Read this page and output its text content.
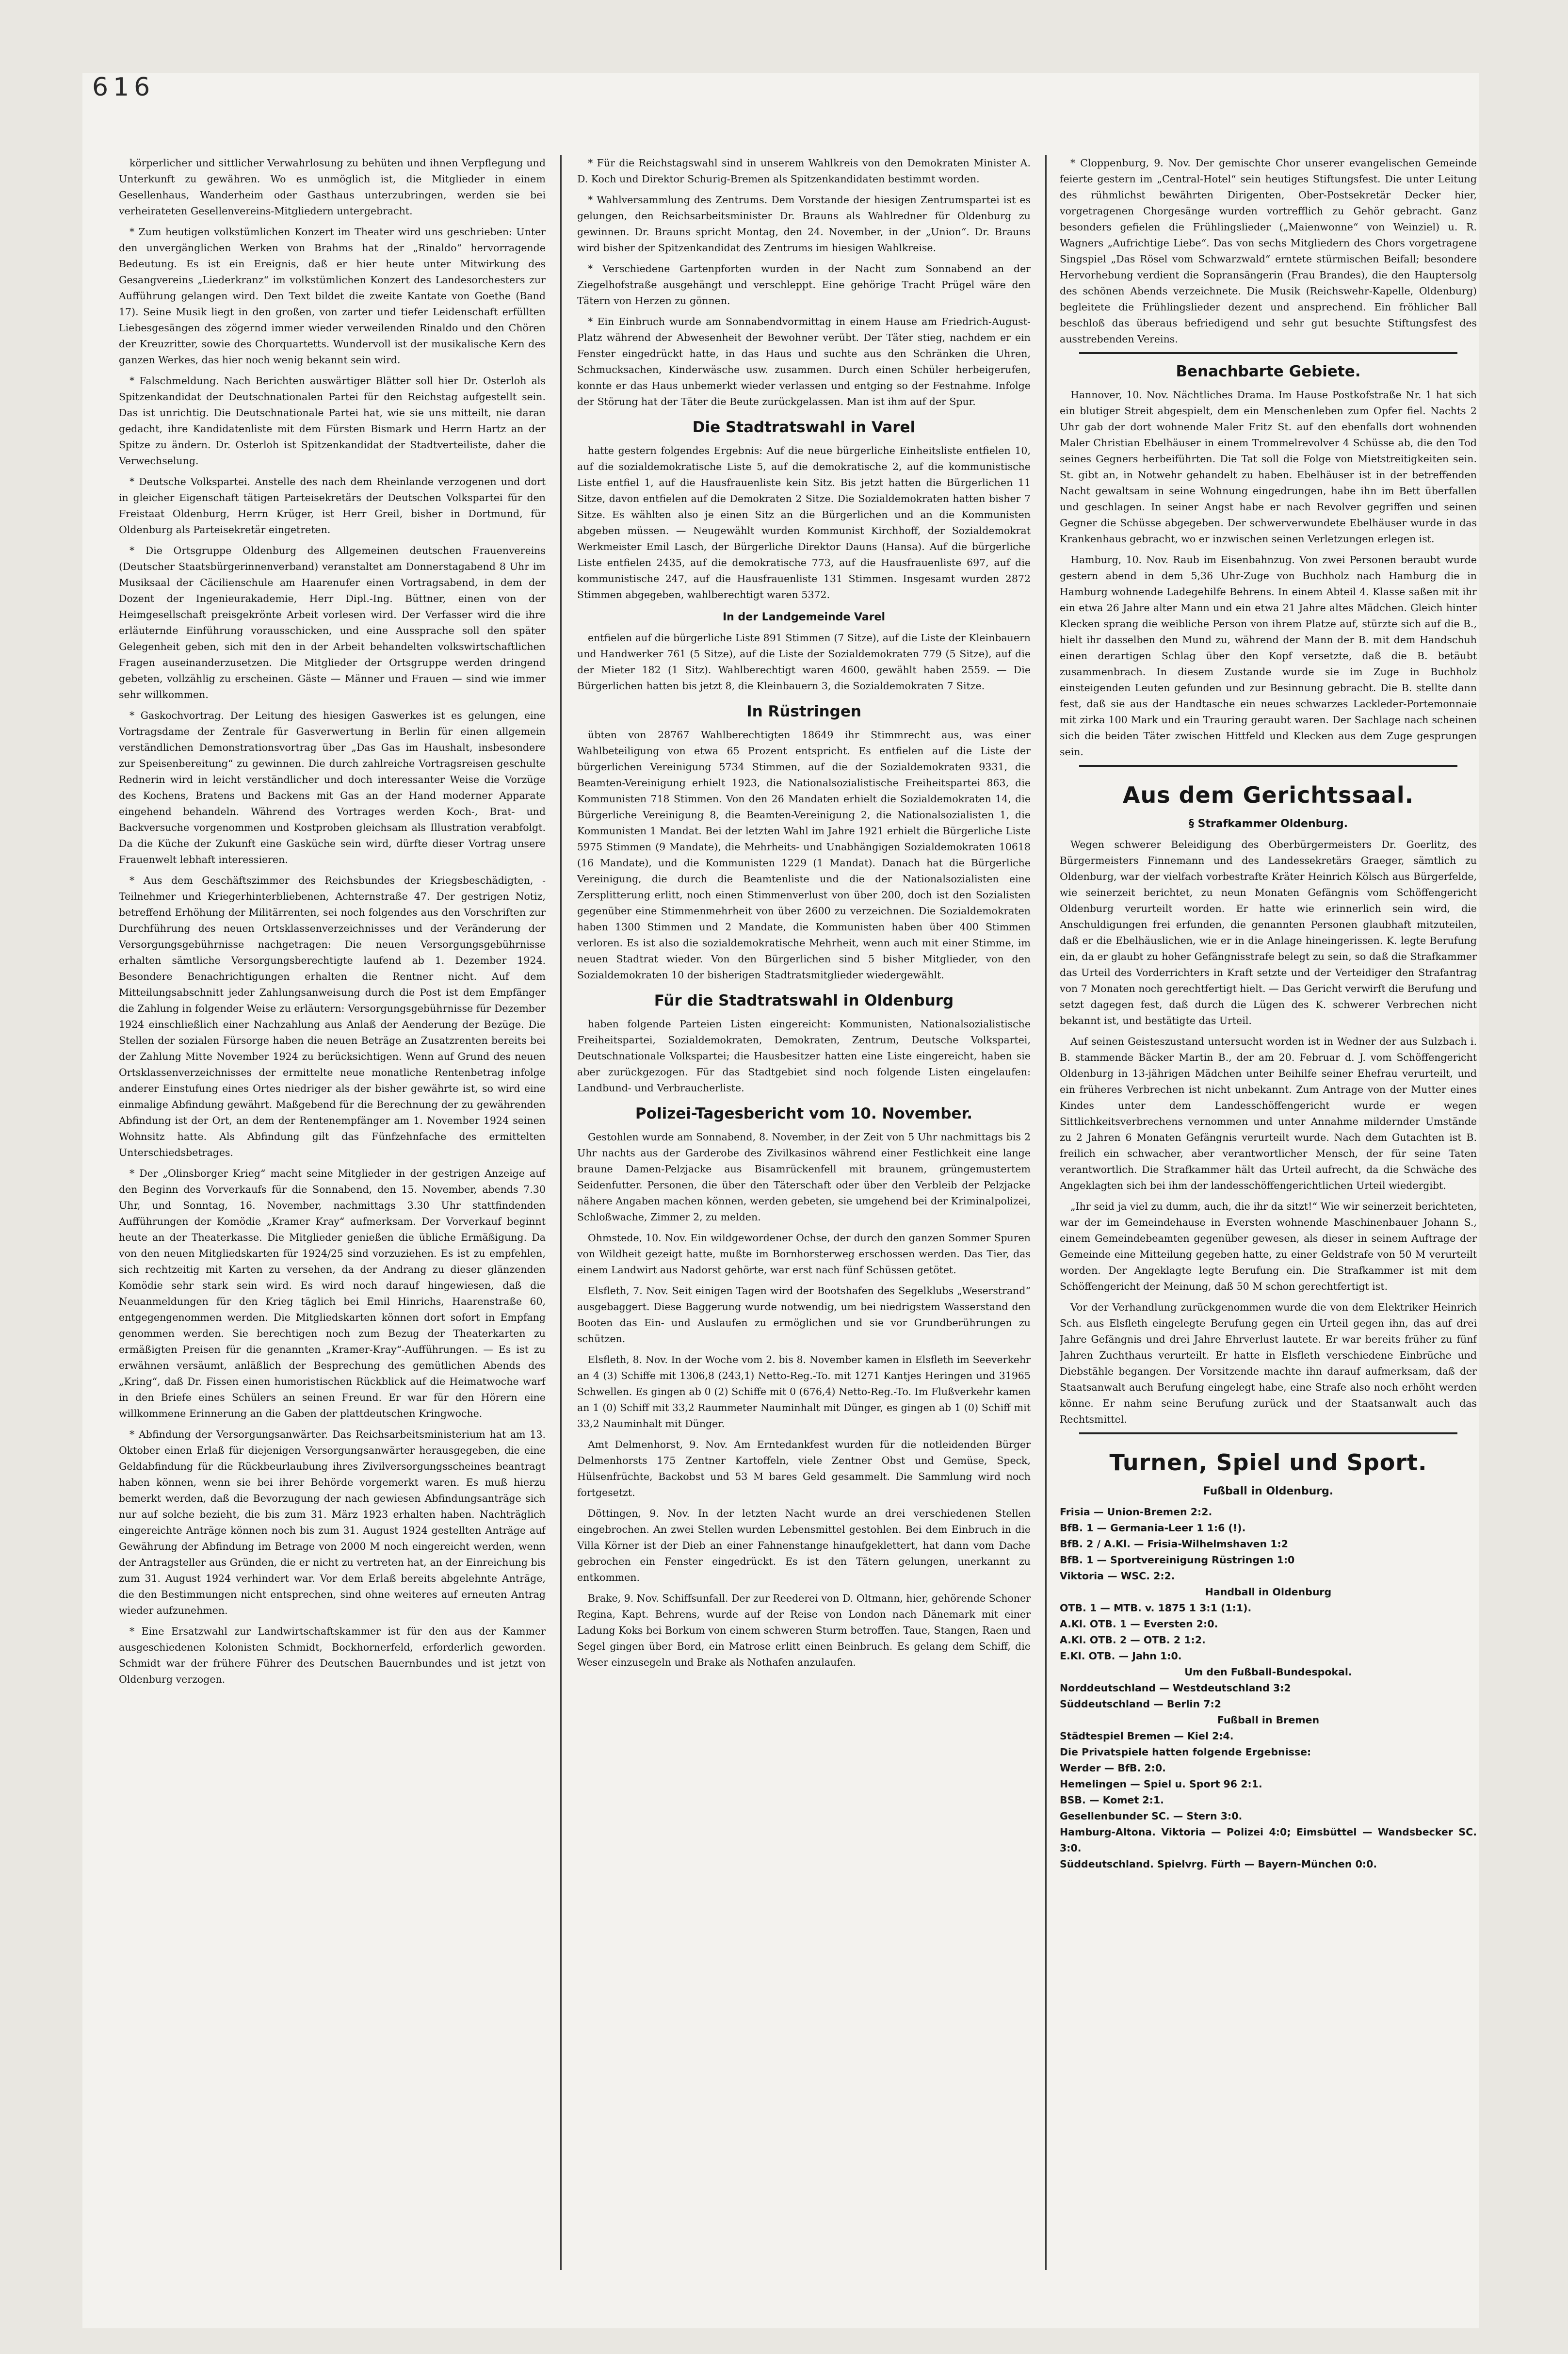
616

körperlicher und sittlicher Verwahrlosung zu behüten und ihnen Verpflegung und Unterkunft zu gewähren. Wo es unmöglich ist, die Mitglieder in einem Gesellenhaus, Wanderheim oder Gasthaus unterzubringen, werden sie bei verheirateten Gesellenvereins-Mitgliedern untergebracht.

* Zum heutigen volkstümlichen Konzert im Theater wird uns geschrieben: Unter den unvergänglichen Werken von Brahms hat der „Rinaldo“ hervorragende Bedeutung. Es ist ein Ereignis, daß er hier heute unter Mitwirkung des Gesangvereins „Liederkranz“ im volkstümlichen Konzert des Landesorchesters zur Aufführung gelangen wird. Den Text bildet die zweite Kantate von Goethe (Band 17). Seine Musik liegt in den großen, von zarter und tiefer Leidenschaft erfüllten Liebesgesängen des zögernd immer wieder verweilenden Rinaldo und den Chören der Kreuzritter, sowie des Chorquartetts. Wundervoll ist der musikalische Kern des ganzen Werkes, das hier noch wenig bekannt sein wird.

* Falschmeldung. Nach Berichten auswärtiger Blätter soll hier Dr. Osterloh als Spitzenkandidat der Deutschnationalen Partei für den Reichstag aufgestellt sein. Das ist unrichtig. Die Deutschnationale Partei hat, wie sie uns mitteilt, nie daran gedacht, ihre Kandidatenliste mit dem Fürsten Bismark und Herrn Hartz an der Spitze zu ändern. Dr. Osterloh ist Spitzenkandidat der Stadtverteiliste, daher die Verwechselung.

* Deutsche Volkspartei. Anstelle des nach dem Rheinlande verzogenen und dort in gleicher Eigenschaft tätigen Parteisekretärs der Deutschen Volkspartei für den Freistaat Oldenburg, Herrn Krüger, ist Herr Greil, bisher in Dortmund, für Oldenburg als Parteisekretär eingetreten.

* Die Ortsgruppe Oldenburg des Allgemeinen deutschen Frauenvereins (Deutscher Staatsbürgerinnenverband) veranstaltet am Donnerstagabend 8 Uhr im Musiksaal der Cäcilienschule am Haarenufer einen Vortragsabend, in dem der Dozent der Ingenieurakademie, Herr Dipl.-Ing. Büttner, einen von der Heimgesellschaft preisgekrönte Arbeit vorlesen wird. Der Verfasser wird die ihre erläuternde Einführung vorausschicken, und eine Aussprache soll den später Gelegenheit geben, sich mit den in der Arbeit behandelten volkswirtschaftlichen Fragen auseinanderzusetzen. Die Mitglieder der Ortsgruppe werden dringend gebeten, vollzählig zu erscheinen. Gäste — Männer und Frauen — sind wie immer sehr willkommen.

* Gaskochvortrag. Der Leitung des hiesigen Gaswerkes ist es gelungen, eine Vortragsdame der Zentrale für Gasverwertung in Berlin für einen allgemein verständlichen Demonstrationsvortrag über „Das Gas im Haushalt, insbesondere zur Speisenbereitung“ zu gewinnen. Die durch zahlreiche Vortragsreisen geschulte Rednerin wird in leicht verständlicher und doch interessanter Weise die Vorzüge des Kochens, Bratens und Backens mit Gas an der Hand moderner Apparate eingehend behandeln. Während des Vortrages werden Koch-, Brat- und Backversuche vorgenommen und Kostproben gleichsam als Illustration verabfolgt. Da die Küche der Zukunft eine Gasküche sein wird, dürfte dieser Vortrag unsere Frauenwelt lebhaft interessieren.

* Aus dem Geschäftszimmer des Reichsbundes der Kriegsbeschädigten, -Teilnehmer und Kriegerhinterbliebenen, Achternstraße 47. Der gestrigen Notiz, betreffend Erhöhung der Militärrenten, sei noch folgendes aus den Vorschriften zur Durchführung des neuen Ortsklassenverzeichnisses und der Veränderung der Versorgungsgebührnisse nachgetragen: Die neuen Versorgungsgebührnisse erhalten sämtliche Versorgungsberechtigte laufend ab 1. Dezember 1924. Besondere Benachrichtigungen erhalten die Rentner nicht. Auf dem Mitteilungsabschnitt jeder Zahlungsanweisung durch die Post ist dem Empfänger die Zahlung in folgender Weise zu erläutern: Versorgungsgebührnisse für Dezember 1924 einschließlich einer Nachzahlung aus Anlaß der Aenderung der Bezüge. Die Stellen der sozialen Fürsorge haben die neuen Beträge an Zusatzrenten bereits bei der Zahlung Mitte November 1924 zu berücksichtigen. Wenn auf Grund des neuen Ortsklassenverzeichnisses der ermittelte neue monatliche Rentenbetrag infolge anderer Einstufung eines Ortes niedriger als der bisher gewährte ist, so wird eine einmalige Abfindung gewährt. Maßgebend für die Berechnung der zu gewährenden Abfindung ist der Ort, an dem der Rentenempfänger am 1. November 1924 seinen Wohnsitz hatte. Als Abfindung gilt das Fünfzehnfache des ermittelten Unterschiedsbetrages.

* Der „Olinsborger Krieg“ macht seine Mitglieder in der gestrigen Anzeige auf den Beginn des Vorverkaufs für die Sonnabend, den 15. November, abends 7.30 Uhr, und Sonntag, 16. November, nachmittags 3.30 Uhr stattfindenden Aufführungen der Komödie „Kramer Kray“ aufmerksam. Der Vorverkauf beginnt heute an der Theaterkasse. Die Mitglieder genießen die übliche Ermäßigung. Da von den neuen Mitgliedskarten für 1924/25 sind vorzuziehen. Es ist zu empfehlen, sich rechtzeitig mit Karten zu versehen, da der Andrang zu dieser glänzenden Komödie sehr stark sein wird. Es wird noch darauf hingewiesen, daß die Neuanmeldungen für den Krieg täglich bei Emil Hinrichs, Haarenstraße 60, entgegengenommen werden. Die Mitgliedskarten können dort sofort in Empfang genommen werden. Sie berechtigen noch zum Bezug der Theaterkarten zu ermäßigten Preisen für die genannten „Kramer-Kray“-Aufführungen. — Es ist zu erwähnen versäumt, anläßlich der Besprechung des gemütlichen Abends des „Kring“, daß Dr. Fissen einen humoristischen Rückblick auf die Heimatwoche warf in den Briefe eines Schülers an seinen Freund. Er war für den Hörern eine willkommene Erinnerung an die Gaben der plattdeutschen Kringwoche.

* Abfindung der Versorgungsanwärter. Das Reichsarbeitsministerium hat am 13. Oktober einen Erlaß für diejenigen Versorgungsanwärter herausgegeben, die eine Geldabfindung für die Rückbeurlaubung ihres Zivilversorgungsscheines beantragt haben können, wenn sie bei ihrer Behörde vorgemerkt waren. Es muß hierzu bemerkt werden, daß die Bevorzugung der nach gewiesen Abfindungsanträge sich nur auf solche bezieht, die bis zum 31. März 1923 erhalten haben. Nachträglich eingereichte Anträge können noch bis zum 31. August 1924 gestellten Anträge auf Gewährung der Abfindung im Betrage von 2000 M noch eingereicht werden, wenn der Antragsteller aus Gründen, die er nicht zu vertreten hat, an der Einreichung bis zum 31. August 1924 verhindert war. Vor dem Erlaß bereits abgelehnte Anträge, die den Bestimmungen nicht entsprechen, sind ohne weiteres auf erneuten Antrag wieder aufzunehmen.

* Eine Ersatzwahl zur Landwirtschaftskammer ist für den aus der Kammer ausgeschiedenen Kolonisten Schmidt, Bockhornerfeld, erforderlich geworden. Schmidt war der frühere Führer des Deutschen Bauernbundes und ist jetzt von Oldenburg verzogen.

* Für die Reichstagswahl sind in unserem Wahlkreis von den Demokraten Minister A. D. Koch und Direktor Schurig-Bremen als Spitzenkandidaten bestimmt worden.

* Wahlversammlung des Zentrums. Dem Vorstande der hiesigen Zentrumspartei ist es gelungen, den Reichsarbeitsminister Dr. Brauns als Wahlredner für Oldenburg zu gewinnen. Dr. Brauns spricht Montag, den 24. November, in der „Union“. Dr. Brauns wird bisher der Spitzenkandidat des Zentrums im hiesigen Wahlkreise.

* Verschiedene Gartenpforten wurden in der Nacht zum Sonnabend an der Ziegelhofstraße ausgehängt und verschleppt. Eine gehörige Tracht Prügel wäre den Tätern von Herzen zu gönnen.

* Ein Einbruch wurde am Sonnabendvormittag in einem Hause am Friedrich-August-Platz während der Abwesenheit der Bewohner verübt. Der Täter stieg, nachdem er ein Fenster eingedrückt hatte, in das Haus und suchte aus den Schränken die Uhren, Schmucksachen, Kinderwäsche usw. zusammen. Durch einen Schüler herbeigerufen, konnte er das Haus unbemerkt wieder verlassen und entging so der Festnahme. Infolge der Störung hat der Täter die Beute zurückgelassen. Man ist ihm auf der Spur.

Die Stadtratswahl in Varel

hatte gestern folgendes Ergebnis: Auf die neue bürgerliche Einheitsliste entfielen 10, auf die sozialdemokratische Liste 5, auf die demokratische 2, auf die kommunistische Liste entfiel 1, auf die Hausfrauenliste kein Sitz. Bis jetzt hatten die Bürgerlichen 11 Sitze, davon entfielen auf die Demokraten 2 Sitze. Die Sozialdemokraten hatten bisher 7 Sitze. Es wählten also je einen Sitz an die Bürgerlichen und an die Kommunisten abgeben müssen. — Neugewählt wurden Kommunist Kirchhoff, der Sozialdemokrat Werkmeister Emil Lasch, der Bürgerliche Direktor Dauns (Hansa). Auf die bürgerliche Liste entfielen 2435, auf die demokratische 773, auf die Hausfrauenliste 697, auf die kommunistische 247, auf die Hausfrauenliste 131 Stimmen. Insgesamt wurden 2872 Stimmen abgegeben, wahlberechtigt waren 5372.

In der Landgemeinde Varel

entfielen auf die bürgerliche Liste 891 Stimmen (7 Sitze), auf die Liste der Kleinbauern und Handwerker 761 (5 Sitze), auf die Liste der Sozialdemokraten 779 (5 Sitze), auf die der Mieter 182 (1 Sitz). Wahlberechtigt waren 4600, gewählt haben 2559. — Die Bürgerlichen hatten bis jetzt 8, die Kleinbauern 3, die Sozialdemokraten 7 Sitze.

In Rüstringen

übten von 28767 Wahlberechtigten 18649 ihr Stimmrecht aus, was einer Wahlbeteiligung von etwa 65 Prozent entspricht. Es entfielen auf die Liste der bürgerlichen Vereinigung 5734 Stimmen, auf die der Sozialdemokraten 9331, die Beamten-Vereinigung erhielt 1923, die Nationalsozialistische Freiheitspartei 863, die Kommunisten 718 Stimmen. Von den 26 Mandaten erhielt die Sozialdemokraten 14, die Bürgerliche Vereinigung 8, die Beamten-Vereinigung 2, die Nationalsozialisten 1, die Kommunisten 1 Mandat. Bei der letzten Wahl im Jahre 1921 erhielt die Bürgerliche Liste 5975 Stimmen (9 Mandate), die Mehrheits- und Unabhängigen Sozialdemokraten 10618 (16 Mandate), und die Kommunisten 1229 (1 Mandat). Danach hat die Bürgerliche Vereinigung, die durch die Beamtenliste und die der Nationalsozialisten eine Zersplitterung erlitt, noch einen Stimmenverlust von über 200, doch ist den Sozialisten gegenüber eine Stimmenmehrheit von über 2600 zu verzeichnen. Die Sozialdemokraten haben 1300 Stimmen und 2 Mandate, die Kommunisten haben über 400 Stimmen verloren. Es ist also die sozialdemokratische Mehrheit, wenn auch mit einer Stimme, im neuen Stadtrat wieder. Von den Bürgerlichen sind 5 bisher Mitglieder, von den Sozialdemokraten 10 der bisherigen Stadtratsmitglieder wiedergewählt.

Für die Stadtratswahl in Oldenburg

haben folgende Parteien Listen eingereicht: Kommunisten, Nationalsozialistische Freiheitspartei, Sozialdemokraten, Demokraten, Zentrum, Deutsche Volkspartei, Deutschnationale Volkspartei; die Hausbesitzer hatten eine Liste eingereicht, haben sie aber zurückgezogen. Für das Stadtgebiet sind noch folgende Listen eingelaufen: Landbund- und Verbraucherliste.

Polizei-Tagesbericht vom 10. November.

Gestohlen wurde am Sonnabend, 8. November, in der Zeit von 5 Uhr nachmittags bis 2 Uhr nachts aus der Garderobe des Zivilkasinos während einer Festlichkeit eine lange braune Damen-Pelzjacke aus Bisamrückenfell mit braunem, grüngemustertem Seidenfutter. Personen, die über den Täterschaft oder über den Verbleib der Pelzjacke nähere Angaben machen können, werden gebeten, sie umgehend bei der Kriminalpolizei, Schloßwache, Zimmer 2, zu melden.

Ohmstede, 10. Nov. Ein wildgewordener Ochse, der durch den ganzen Sommer Spuren von Wildheit gezeigt hatte, mußte im Bornhorsterweg erschossen werden. Das Tier, das einem Landwirt aus Nadorst gehörte, war erst nach fünf Schüssen getötet.

Elsfleth, 7. Nov. Seit einigen Tagen wird der Bootshafen des Segelklubs „Weserstrand“ ausgebaggert. Diese Baggerung wurde notwendig, um bei niedrigstem Wasserstand den Booten das Ein- und Auslaufen zu ermöglichen und sie vor Grundberührungen zu schützen.

Elsfleth, 8. Nov. In der Woche vom 2. bis 8. November kamen in Elsfleth im Seeverkehr an 4 (3) Schiffe mit 1306,8 (243,1) Netto-Reg.-To. mit 1271 Kantjes Heringen und 31965 Schwellen. Es gingen ab 0 (2) Schiffe mit 0 (676,4) Netto-Reg.-To. Im Flußverkehr kamen an 1 (0) Schiff mit 33,2 Raummeter Nauminhalt mit Dünger, es gingen ab 1 (0) Schiff mit 33,2 Nauminhalt mit Dünger.

Amt Delmenhorst, 9. Nov. Am Erntedankfest wurden für die notleidenden Bürger Delmenhorsts 175 Zentner Kartoffeln, viele Zentner Obst und Gemüse, Speck, Hülsenfrüchte, Backobst und 53 M bares Geld gesammelt. Die Sammlung wird noch fortgesetzt.

Döttingen, 9. Nov. In der letzten Nacht wurde an drei verschiedenen Stellen eingebrochen. An zwei Stellen wurden Lebensmittel gestohlen. Bei dem Einbruch in die Villa Körner ist der Dieb an einer Fahnenstange hinaufgeklettert, hat dann vom Dache gebrochen ein Fenster eingedrückt. Es ist den Tätern gelungen, unerkannt zu entkommen.

Brake, 9. Nov. Schiffsunfall. Der zur Reederei von D. Oltmann, hier, gehörende Schoner Regina, Kapt. Behrens, wurde auf der Reise von London nach Dänemark mit einer Ladung Koks bei Borkum von einem schweren Sturm betroffen. Taue, Stangen, Raen und Segel gingen über Bord, ein Matrose erlitt einen Beinbruch. Es gelang dem Schiff, die Weser einzusegeln und Brake als Nothafen anzulaufen.

* Cloppenburg, 9. Nov. Der gemischte Chor unserer evangelischen Gemeinde feierte gestern im „Central-Hotel“ sein heutiges Stiftungsfest. Die unter Leitung des rühmlichst bewährten Dirigenten, Ober-Postsekretär Decker hier, vorgetragenen Chorgesänge wurden vortrefflich zu Gehör gebracht. Ganz besonders gefielen die Frühlingslieder („Maienwonne“ von Weinziel) u. R. Wagners „Aufrichtige Liebe“. Das von sechs Mitgliedern des Chors vorgetragene Singspiel „Das Rösel vom Schwarzwald“ erntete stürmischen Beifall; besondere Hervorhebung verdient die Sopransängerin (Frau Brandes), die den Hauptersolg des schönen Abends verzeichnete. Die Musik (Reichswehr-Kapelle, Oldenburg) begleitete die Frühlingslieder dezent und ansprechend. Ein fröhlicher Ball beschloß das überaus befriedigend und sehr gut besuchte Stiftungsfest des ausstrebenden Vereins.

Benachbarte Gebiete.

Hannover, 10. Nov. Nächtliches Drama. Im Hause Postkofstraße Nr. 1 hat sich ein blutiger Streit abgespielt, dem ein Menschenleben zum Opfer fiel. Nachts 2 Uhr gab der dort wohnende Maler Fritz St. auf den ebenfalls dort wohnenden Maler Christian Ebelhäuser in einem Trommelrevolver 4 Schüsse ab, die den Tod seines Gegners herbeiführten. Die Tat soll die Folge von Mietstreitigkeiten sein. St. gibt an, in Notwehr gehandelt zu haben. Ebelhäuser ist in der betreffenden Nacht gewaltsam in seine Wohnung eingedrungen, habe ihn im Bett überfallen und geschlagen. In seiner Angst habe er nach Revolver gegriffen und seinen Gegner die Schüsse abgegeben. Der schwerverwundete Ebelhäuser wurde in das Krankenhaus gebracht, wo er inzwischen seinen Verletzungen erlegen ist.

Hamburg, 10. Nov. Raub im Eisenbahnzug. Von zwei Personen beraubt wurde gestern abend in dem 5,36 Uhr-Zuge von Buchholz nach Hamburg die in Hamburg wohnende Ladegehilfe Behrens. In einem Abteil 4. Klasse saßen mit ihr ein etwa 26 Jahre alter Mann und ein etwa 21 Jahre altes Mädchen. Gleich hinter Klecken sprang die weibliche Person von ihrem Platze auf, stürzte sich auf die B., hielt ihr dasselben den Mund zu, während der Mann der B. mit dem Handschuh einen derartigen Schlag über den Kopf versetzte, daß die B. betäubt zusammenbrach. In diesem Zustande wurde sie im Zuge in Buchholz einsteigenden Leuten gefunden und zur Besinnung gebracht. Die B. stellte dann fest, daß sie aus der Handtasche ein neues schwarzes Lackleder-Portemonnaie mit zirka 100 Mark und ein Trauring geraubt waren. Der Sachlage nach scheinen sich die beiden Täter zwischen Hittfeld und Klecken aus dem Zuge gesprungen sein.

Aus dem Gerichtssaal.
§ Strafkammer Oldenburg.

Wegen schwerer Beleidigung des Oberbürgermeisters Dr. Goerlitz, des Bürgermeisters Finnemann und des Landessekretärs Graeger, sämtlich zu Oldenburg, war der vielfach vorbestrafte Kräter Heinrich Kölsch aus Bürgerfelde, wie seinerzeit berichtet, zu neun Monaten Gefängnis vom Schöffengericht Oldenburg verurteilt worden. Er hatte wie erinnerlich sein wird, die Anschuldigungen frei erfunden, die genannten Personen glaubhaft mitzuteilen, daß er die Ebelhäuslichen, wie er in die Anlage hineingerissen. K. legte Berufung ein, da er glaubt zu hoher Gefängnisstrafe belegt zu sein, so daß die Strafkammer das Urteil des Vorderrichters in Kraft setzte und der Verteidiger den Strafantrag von 7 Monaten noch gerechtfertigt hielt. — Das Gericht verwirft die Berufung und setzt dagegen fest, daß durch die Lügen des K. schwerer Verbrechen nicht bekannt ist, und bestätigte das Urteil.

Auf seinen Geisteszustand untersucht worden ist in Wedner der aus Sulzbach i. B. stammende Bäcker Martin B., der am 20. Februar d. J. vom Schöffengericht Oldenburg in 13-jährigen Mädchen unter Beihilfe seiner Ehefrau verurteilt, und ein früheres Verbrechen ist nicht unbekannt. Zum Antrage von der Mutter eines Kindes unter dem Landesschöffengericht wurde er wegen Sittlichkeitsverbrechens vernommen und unter Annahme mildernder Umstände zu 2 Jahren 6 Monaten Gefängnis verurteilt wurde. Nach dem Gutachten ist B. freilich ein schwacher, aber verantwortlicher Mensch, der für seine Taten verantwortlich. Die Strafkammer hält das Urteil aufrecht, da die Schwäche des Angeklagten sich bei ihm der landesschöffengerichtlichen Urteil wiedergibt.

„Ihr seid ja viel zu dumm, auch, die ihr da sitzt!“ Wie wir seinerzeit berichteten, war der im Gemeindehause in Eversten wohnende Maschinenbauer Johann S., einem Gemeindebeamten gegenüber gewesen, als dieser in seinem Auftrage der Gemeinde eine Mitteilung gegeben hatte, zu einer Geldstrafe von 50 M verurteilt worden. Der Angeklagte legte Berufung ein. Die Strafkammer ist mit dem Schöffengericht der Meinung, daß 50 M schon gerechtfertigt ist.

Vor der Verhandlung zurückgenommen wurde die von dem Elektriker Heinrich Sch. aus Elsfleth eingelegte Berufung gegen ein Urteil gegen ihn, das auf drei Jahre Gefängnis und drei Jahre Ehrverlust lautete. Er war bereits früher zu fünf Jahren Zuchthaus verurteilt. Er hatte in Elsfleth verschiedene Einbrüche und Diebstähle begangen. Der Vorsitzende machte ihn darauf aufmerksam, daß der Staatsanwalt auch Berufung eingelegt habe, eine Strafe also noch erhöht werden könne. Er nahm seine Berufung zurück und der Staatsanwalt auch das Rechtsmittel.

Turnen, Spiel und Sport.
Fußball in Oldenburg.

Frisia — Union-Bremen 2:2.

BfB. 1 — Germania-Leer 1 1:6 (!).

BfB. 2 / A.Kl. — Frisia-Wilhelmshaven 1:2

BfB. 1 — Sportvereinigung Rüstringen 1:0

Viktoria — WSC. 2:2.

Handball in Oldenburg

OTB. 1 — MTB. v. 1875 1 3:1 (1:1).

A.Kl. OTB. 1 — Eversten 2:0.

A.Kl. OTB. 2 — OTB. 2 1:2.

E.Kl. OTB. — Jahn 1:0.

Um den Fußball-Bundespokal.

Norddeutschland — Westdeutschland 3:2

Süddeutschland — Berlin 7:2

Fußball in Bremen

Städtespiel Bremen — Kiel 2:4.

Die Privatspiele hatten folgende Ergebnisse:

Werder — BfB. 2:0.

Hemelingen — Spiel u. Sport 96 2:1.

BSB. — Komet 2:1.

Gesellenbunder SC. — Stern 3:0.

Hamburg-Altona. Viktoria — Polizei 4:0; Eimsbüttel — Wandsbecker SC. 3:0.

Süddeutschland. Spielvrg. Fürth — Bayern-München 0:0.
